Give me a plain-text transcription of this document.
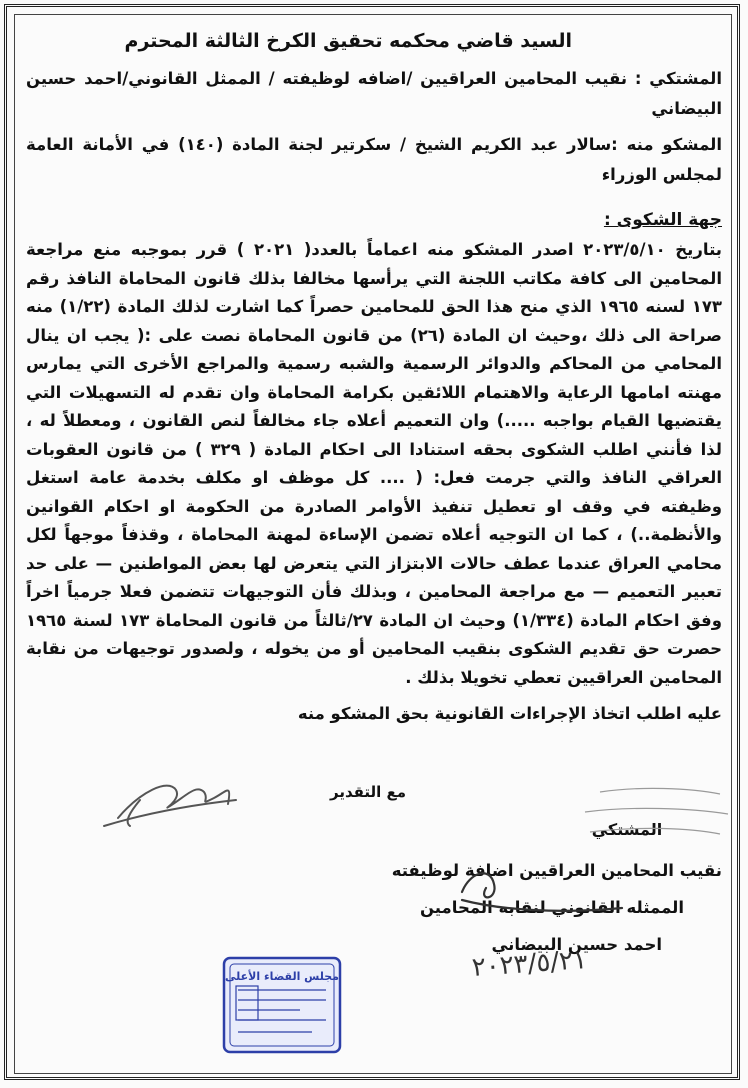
السيد قاضي محكمه تحقيق الكرخ الثالثة المحترم

المشتكي : نقيب المحامين العراقيين /اضافه لوظيفته / الممثل القانوني/احمد حسين البيضاني

المشكو منه :سالار عبد الكريم الشيخ / سكرتير لجنة المادة (١٤٠) في الأمانة العامة لمجلس الوزراء

جهة الشكوى :

بتاريخ ٢٠٢٣/٥/١٠ اصدر المشكو منه اعماماً بالعدد( ٢٠٢١ ) قرر بموجبه منع مراجعة المحامين الى كافة مكاتب اللجنة التي يرأسها مخالفا بذلك قانون المحاماة النافذ رقم ١٧٣ لسنه ١٩٦٥ الذي منح هذا الحق للمحامين حصراً كما اشارت لذلك المادة (١/٢٢) منه صراحة الى ذلك ،وحيث ان المادة (٢٦) من قانون المحاماة نصت على :( يجب ان ينال المحامي من المحاكم والدوائر الرسمية والشبه رسمية والمراجع الأخرى التي يمارس مهنته امامها الرعاية والاهتمام اللائقين بكرامة المحاماة وان تقدم له التسهيلات التي يقتضيها القيام بواجبه .....) وان التعميم أعلاه جاء مخالفاً لنص القانون ، ومعطلاً له ، لذا فأنني اطلب الشكوى بحقه استنادا الى احكام المادة ( ٣٢٩ ) من قانون العقوبات العراقي النافذ والتي جرمت فعل: ( .... كل موظف او مكلف بخدمة عامة استغل وظيفته في وقف او تعطيل تنفيذ الأوامر الصادرة من الحكومة او احكام القوانين والأنظمة..) ، كما ان التوجيه أعلاه تضمن الإساءة لمهنة المحاماة ، وقذفاً موجهاً لكل محامي العراق عندما عطف حالات الابتزاز التي يتعرض لها بعض المواطنين — على حد تعبير التعميم — مع مراجعة المحامين ، وبذلك فأن التوجيهات تتضمن فعلا جرمياً اخراً وفق احكام المادة (١/٣٣٤) وحيث ان المادة ٢٧/ثالثاً من قانون المحاماة ١٧٣ لسنة ١٩٦٥ حصرت حق تقديم الشكوى بنقيب المحامين أو من يخوله ، ولصدور توجيهات من نقابة المحامين العراقيين تعطي تخويلا بذلك .

عليه اطلب اتخاذ الإجراءات القانونية بحق المشكو منه

مع التقدير

المشتكي

نقيب المحامين العراقيين اضافة لوظيفته

الممثله القانوني لنقابه المحامين

احمد حسين البيضاني

٢٠٢٣/٥/٢١
مجلس القضاء الأعلى
